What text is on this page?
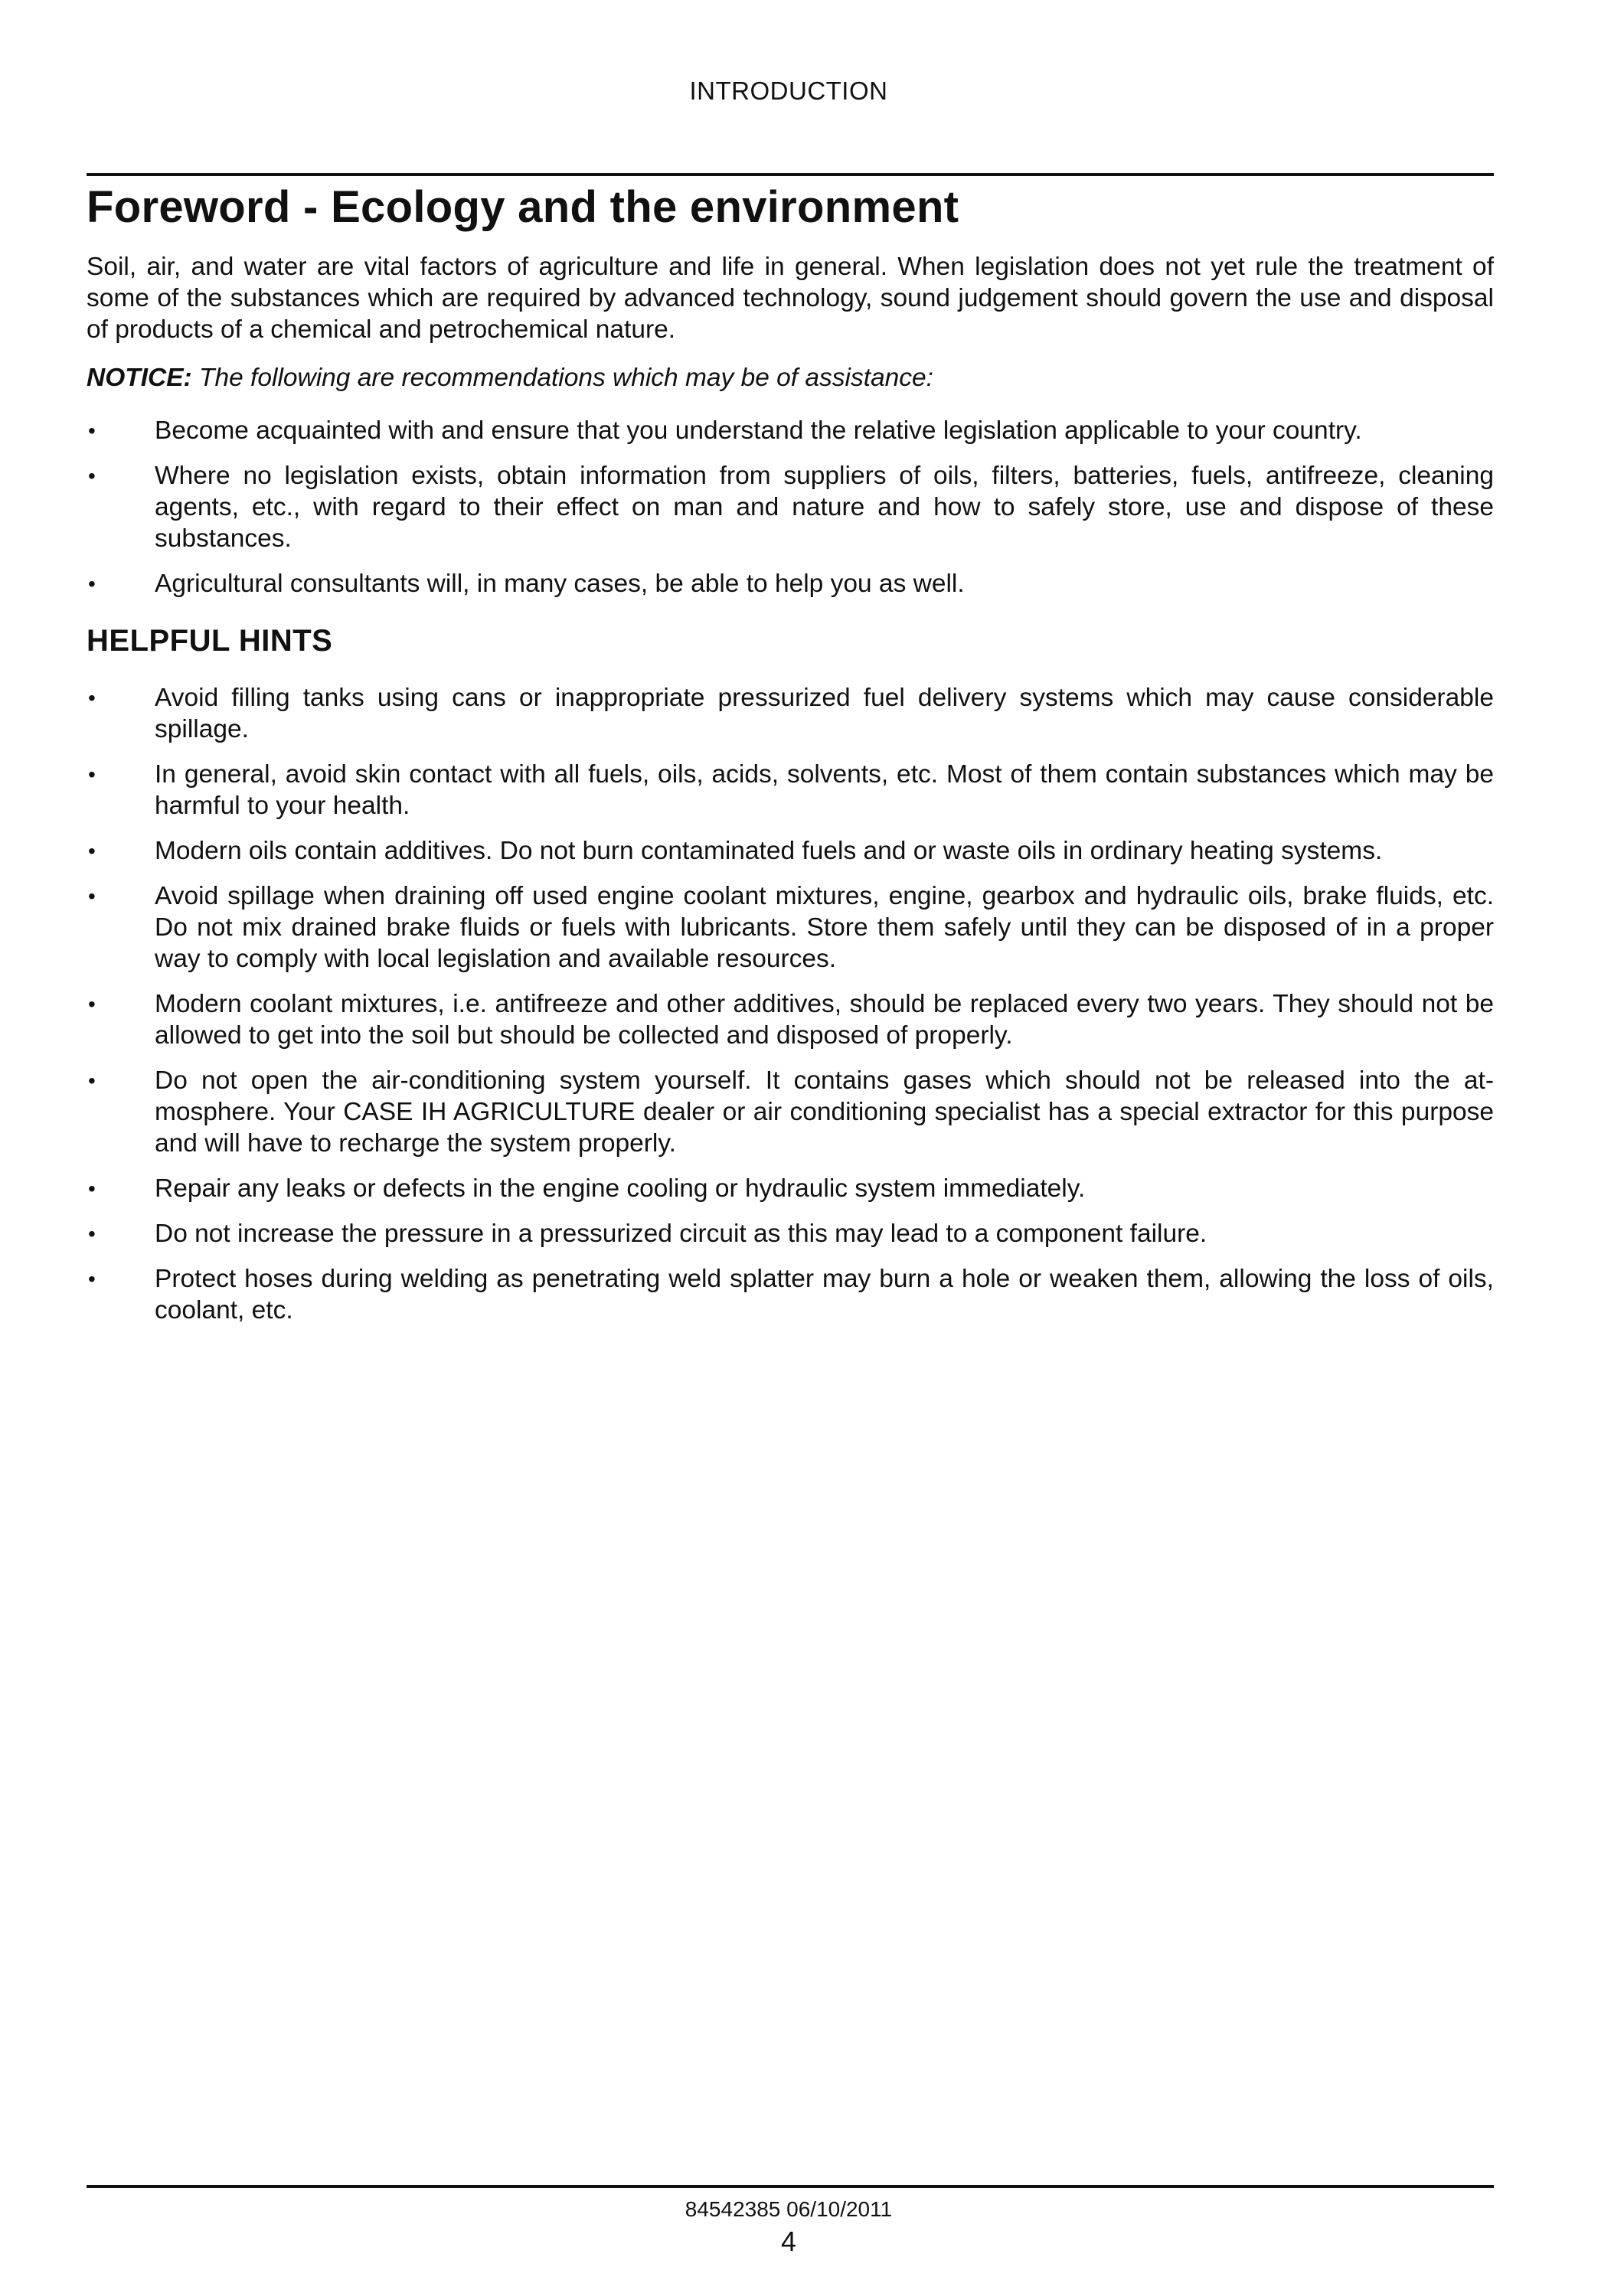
INTRODUCTION
Foreword - Ecology and the environment

Soil, air, and water are vital factors of agriculture and life in general. When legislation does not yet rule the treatment of some of the substances which are required by advanced technology, sound judgement should govern the use and disposal of products of a chemical and petrochemical nature.

NOTICE: The following are recommendations which may be of assistance:

• Become acquainted with and ensure that you understand the relative legislation applicable to your country.
• Where no legislation exists, obtain information from suppliers of oils, filters, batteries, fuels, antifreeze, cleaning agents, etc., with regard to their effect on man and nature and how to safely store, use and dispose of these substances.
• Agricultural consultants will, in many cases, be able to help you as well.
HELPFUL HINTS
• Avoid filling tanks using cans or inappropriate pressurized fuel delivery systems which may cause considerable spillage.
• In general, avoid skin contact with all fuels, oils, acids, solvents, etc. Most of them contain substances which may be harmful to your health.
• Modern oils contain additives. Do not burn contaminated fuels and or waste oils in ordinary heating systems.
• Avoid spillage when draining off used engine coolant mixtures, engine, gearbox and hydraulic oils, brake fluids, etc. Do not mix drained brake fluids or fuels with lubricants. Store them safely until they can be disposed of in a proper way to comply with local legislation and available resources.
• Modern coolant mixtures, i.e. antifreeze and other additives, should be replaced every two years. They should not be allowed to get into the soil but should be collected and disposed of properly.
• Do not open the air-conditioning system yourself. It contains gases which should not be released into the at-mosphere. Your CASE IH AGRICULTURE dealer or air conditioning specialist has a special extractor for this purpose and will have to recharge the system properly.
• Repair any leaks or defects in the engine cooling or hydraulic system immediately.
• Do not increase the pressure in a pressurized circuit as this may lead to a component failure.
• Protect hoses during welding as penetrating weld splatter may burn a hole or weaken them, allowing the loss of oils, coolant, etc.
84542385 06/10/2011
4
